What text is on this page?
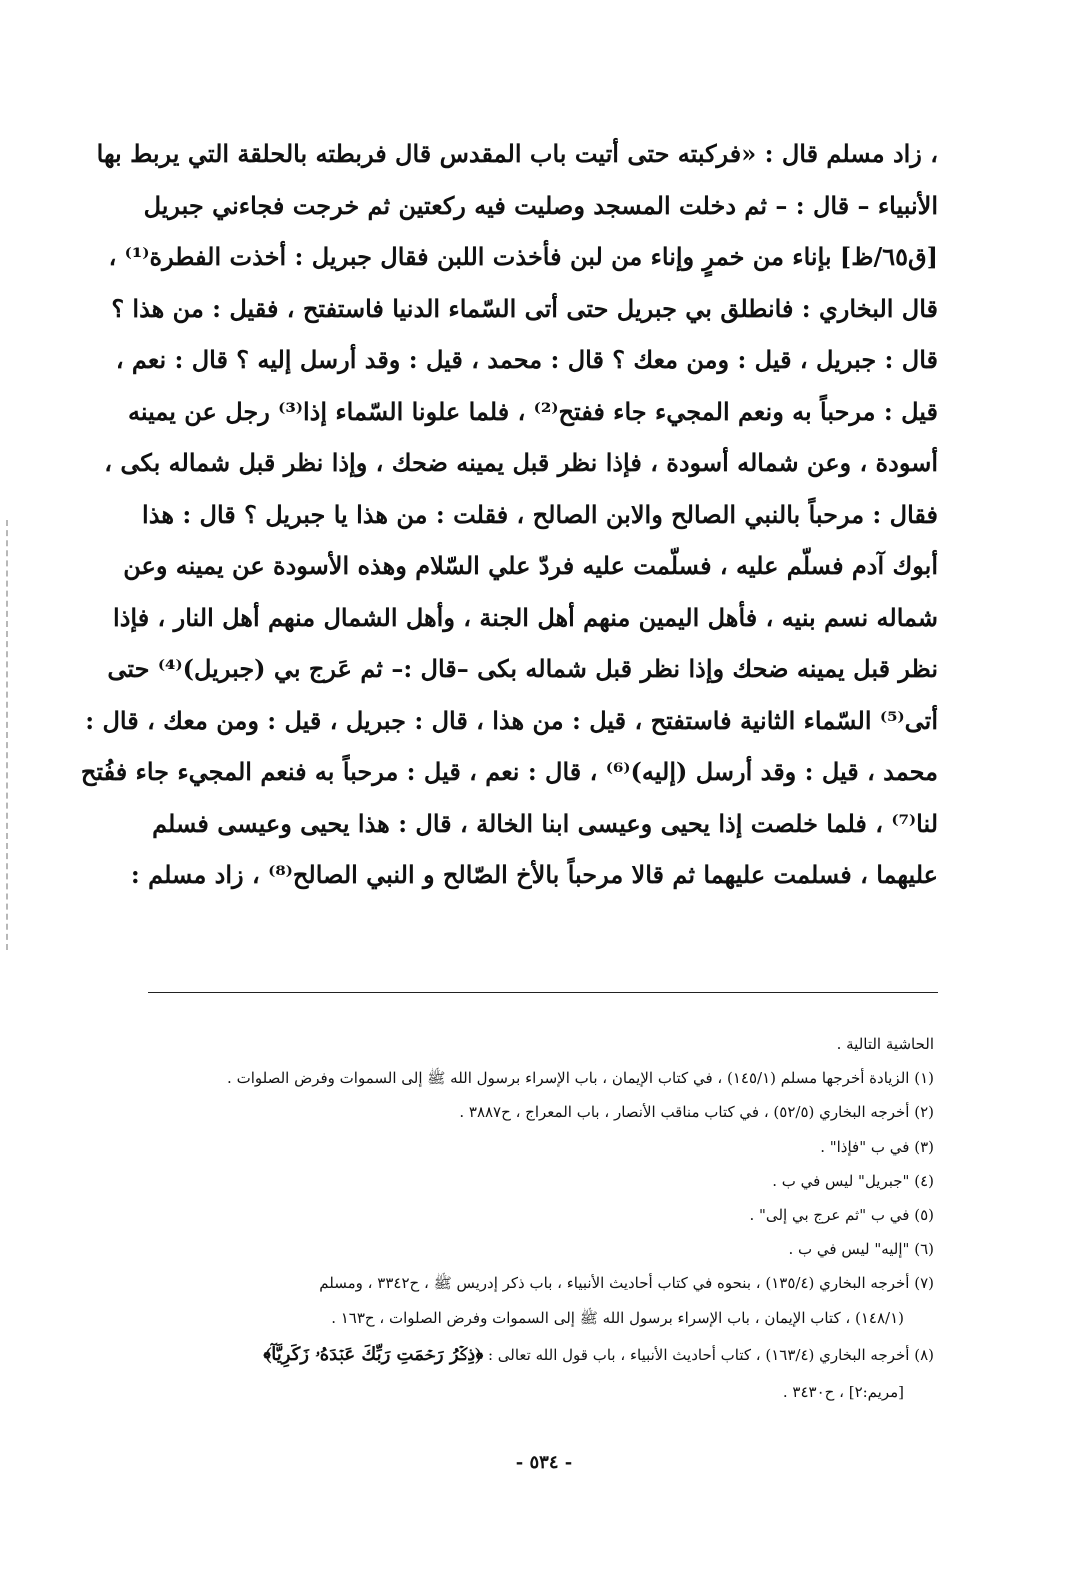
، زاد مسلم قال : «فركبته حتى أتيت باب المقدس قال فربطته بالحلقة التي يربط بها
الأنبياء – قال : – ثم دخلت المسجد وصليت فيه ركعتين ثم خرجت فجاءني جبريل
[ق٦٥/ظ] بإناء من خمرٍ وإناء من لبن فأخذت اللبن فقال جبريل : أخذت الفطرة⁽¹⁾ ،
قال البخاري : فانطلق بي جبريل حتى أتى السّماء الدنيا فاستفتح ، فقيل : من هذا ؟
قال : جبريل ، قيل : ومن معك ؟ قال : محمد ، قيل : وقد أرسل إليه ؟ قال : نعم ،
قيل : مرحباً به ونعم المجيء جاء ففتح⁽²⁾ ، فلما علونا السّماء إذا⁽³⁾ رجل عن يمينه
أسودة ، وعن شماله أسودة ، فإذا نظر قبل يمينه ضحك ، وإذا نظر قبل شماله بكى ،
فقال : مرحباً بالنبي الصالح والابن الصالح ، فقلت : من هذا يا جبريل ؟ قال : هذا
أبوك آدم فسلّم عليه ، فسلّمت عليه فردّ علي السّلام وهذه الأسودة عن يمينه وعن
شماله نسم بنيه ، فأهل اليمين منهم أهل الجنة ، وأهل الشمال منهم أهل النار ، فإذا
نظر قبل يمينه ضحك وإذا نظر قبل شماله بكى –قال :– ثم عَرج بي (جبريل)⁽⁴⁾ حتى
أتى⁽⁵⁾ السّماء الثانية فاستفتح ، قيل : من هذا ، قال : جبريل ، قيل : ومن معك ، قال :
محمد ، قيل : وقد أرسل (إليه)⁽⁶⁾ ، قال : نعم ، قيل : مرحباً به فنعم المجيء جاء ففُتح
لنا⁽⁷⁾ ، فلما خلصت إذا يحيى وعيسى ابنا الخالة ، قال : هذا يحيى وعيسى فسلم
عليهما ، فسلمت عليهما ثم قالا مرحباً بالأخ الصّالح و النبي الصالح⁽⁸⁾ ، زاد مسلم :
الحاشية التالية .
(١) الزيادة أخرجها مسلم (١٤٥/١) ، في كتاب الإيمان ، باب الإسراء برسول الله ﷺ إلى السموات وفرض الصلوات .
(٢) أخرجه البخاري (٥٢/٥) ، في كتاب مناقب الأنصار ، باب المعراج ، ح٣٨٨٧ .
(٣) في ب "فإذا" .
(٤) "جبريل" ليس في ب .
(٥) في ب "ثم عرج بي إلى" .
(٦) "إليه" ليس في ب .
(٧) أخرجه البخاري (١٣٥/٤) ، بنحوه في كتاب أحاديث الأنبياء ، باب ذكر إدريس ﷺ ، ح٣٣٤٢ ، ومسلم
(١٤٨/١) ، كتاب الإيمان ، باب الإسراء برسول الله ﷺ إلى السموات وفرض الصلوات ، ح١٦٣ .
(٨) أخرجه البخاري (١٦٣/٤) ، كتاب أحاديث الأنبياء ، باب قول الله تعالى : ﴿ذِكۡرُ رَحۡمَتِ رَبِّكَ عَبۡدَهُۥ زَكَرِيَّآ﴾
[مريم:٢] ، ح٣٤٣٠ .
- ٥٣٤ -
